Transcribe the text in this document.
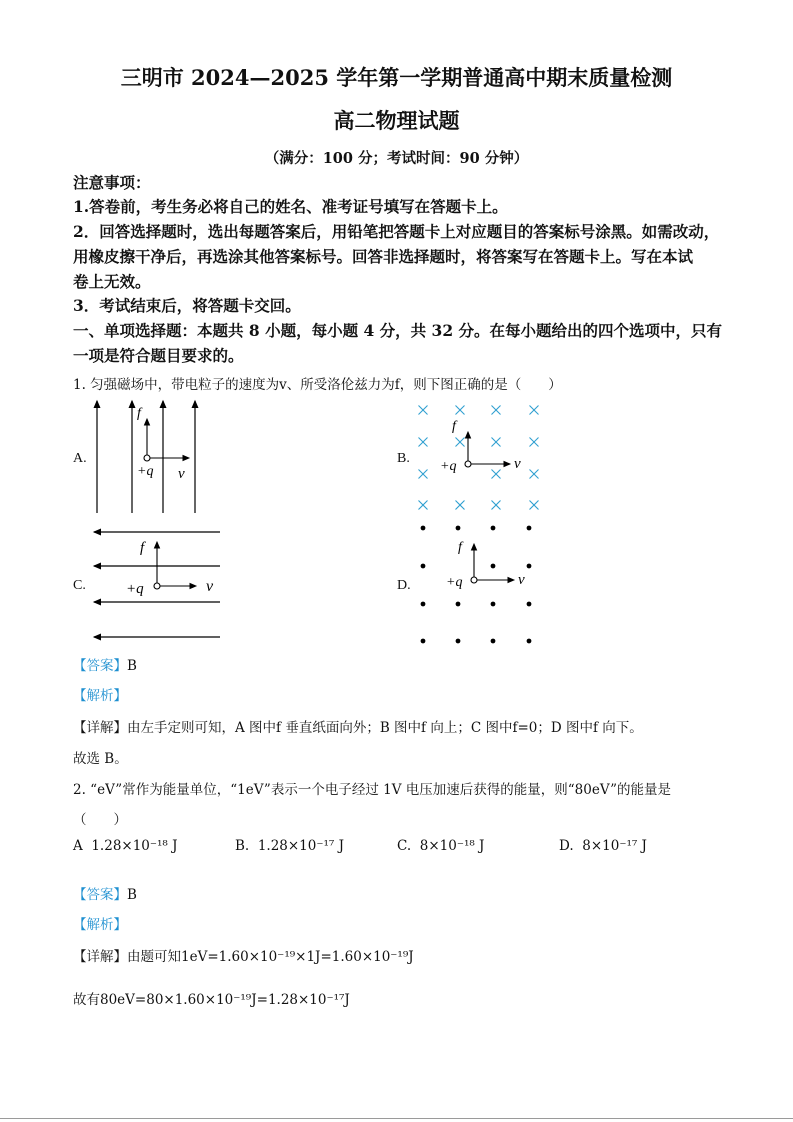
三明市 2024—2025 学年第一学期普通高中期末质量检测
高二物理试题
（满分：100 分；考试时间：90 分钟）
注意事项：
1.答卷前，考生务必将自己的姓名、准考证号填写在答题卡上。
2．回答选择题时，选出每题答案后，用铅笔把答题卡上对应题目的答案标号涂黑。如需改动，
用橡皮擦干净后，再选涂其他答案标号。回答非选择题时，将答案写在答题卡上。写在本试
卷上无效。
3．考试结束后，将答题卡交回。
一、单项选择题：本题共 8 小题，每小题 4 分，共 32 分。在每小题给出的四个选项中，只有
一项是符合题目要求的。
1. 匀强磁场中，带电粒子的速度为v、所受洛伦兹力为f，则下图正确的是（　　）
A.	B.
C.	D.
f
+q v
f
+q	v
f
+q	v
f
+q	v
【答案】B
【解析】
【详解】由左手定则可知，A 图中f 垂直纸面向外；B 图中f 向上；C 图中f=0；D 图中f 向下。
故选 B。
2. “eV”常作为能量单位，“1eV”表示一个电子经过 1V 电压加速后获得的能量，则“80eV”的能量是
（　　）
A 1.28×10⁻¹⁸ J	B. 1.28×10⁻¹⁷ J	C. 8×10⁻¹⁸ J	D. 8×10⁻¹⁷ J
【答案】B
【解析】
【详解】由题可知1eV=1.60×10⁻¹⁹×1J=1.60×10⁻¹⁹J
故有80eV=80×1.60×10⁻¹⁹J=1.28×10⁻¹⁷J
